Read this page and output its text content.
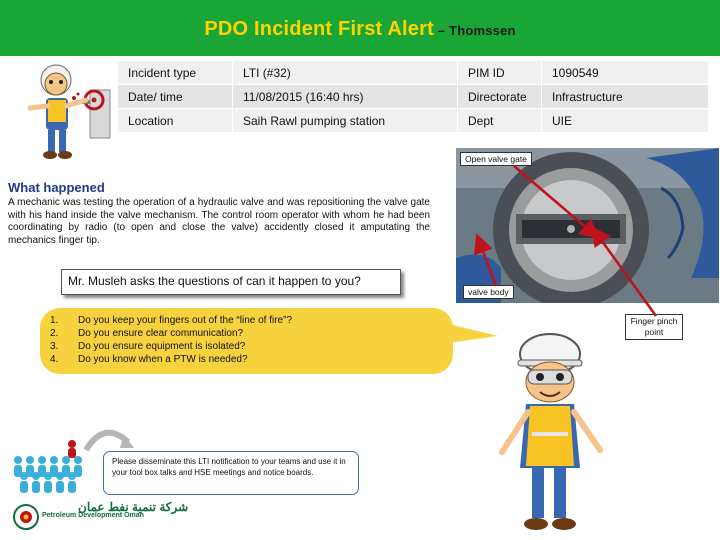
PDO Incident First Alert – Thomssen
Incident type	LTI (#32)	PIM ID	1090549
Date/ time	11/08/2015 (16:40 hrs)	Directorate	Infrastructure
Location	Saih Rawl pumping station	Dept	UIE
What happened
A mechanic was testing the operation of a hydraulic valve and was repositioning the valve gate with his hand inside the valve mechanism. The control room operator with whom he had been coordinating by radio (to open and close the valve) accidently closed it amputating the mechanics finger tip.
Mr. Musleh asks the questions of can it happen to you?
1. Do you keep your fingers out of the “line of fire”?
2. Do you ensure clear communication?
3. Do you ensure equipment is isolated?
4. Do you know when a PTW is needed?
Open valve gate
valve body
Finger pinch point
Please disseminate this LTI notification to your teams and use it in your tool box talks and HSE meetings and notice boards.
شركة تنمية نفط عمان
Petroleum Development Oman
